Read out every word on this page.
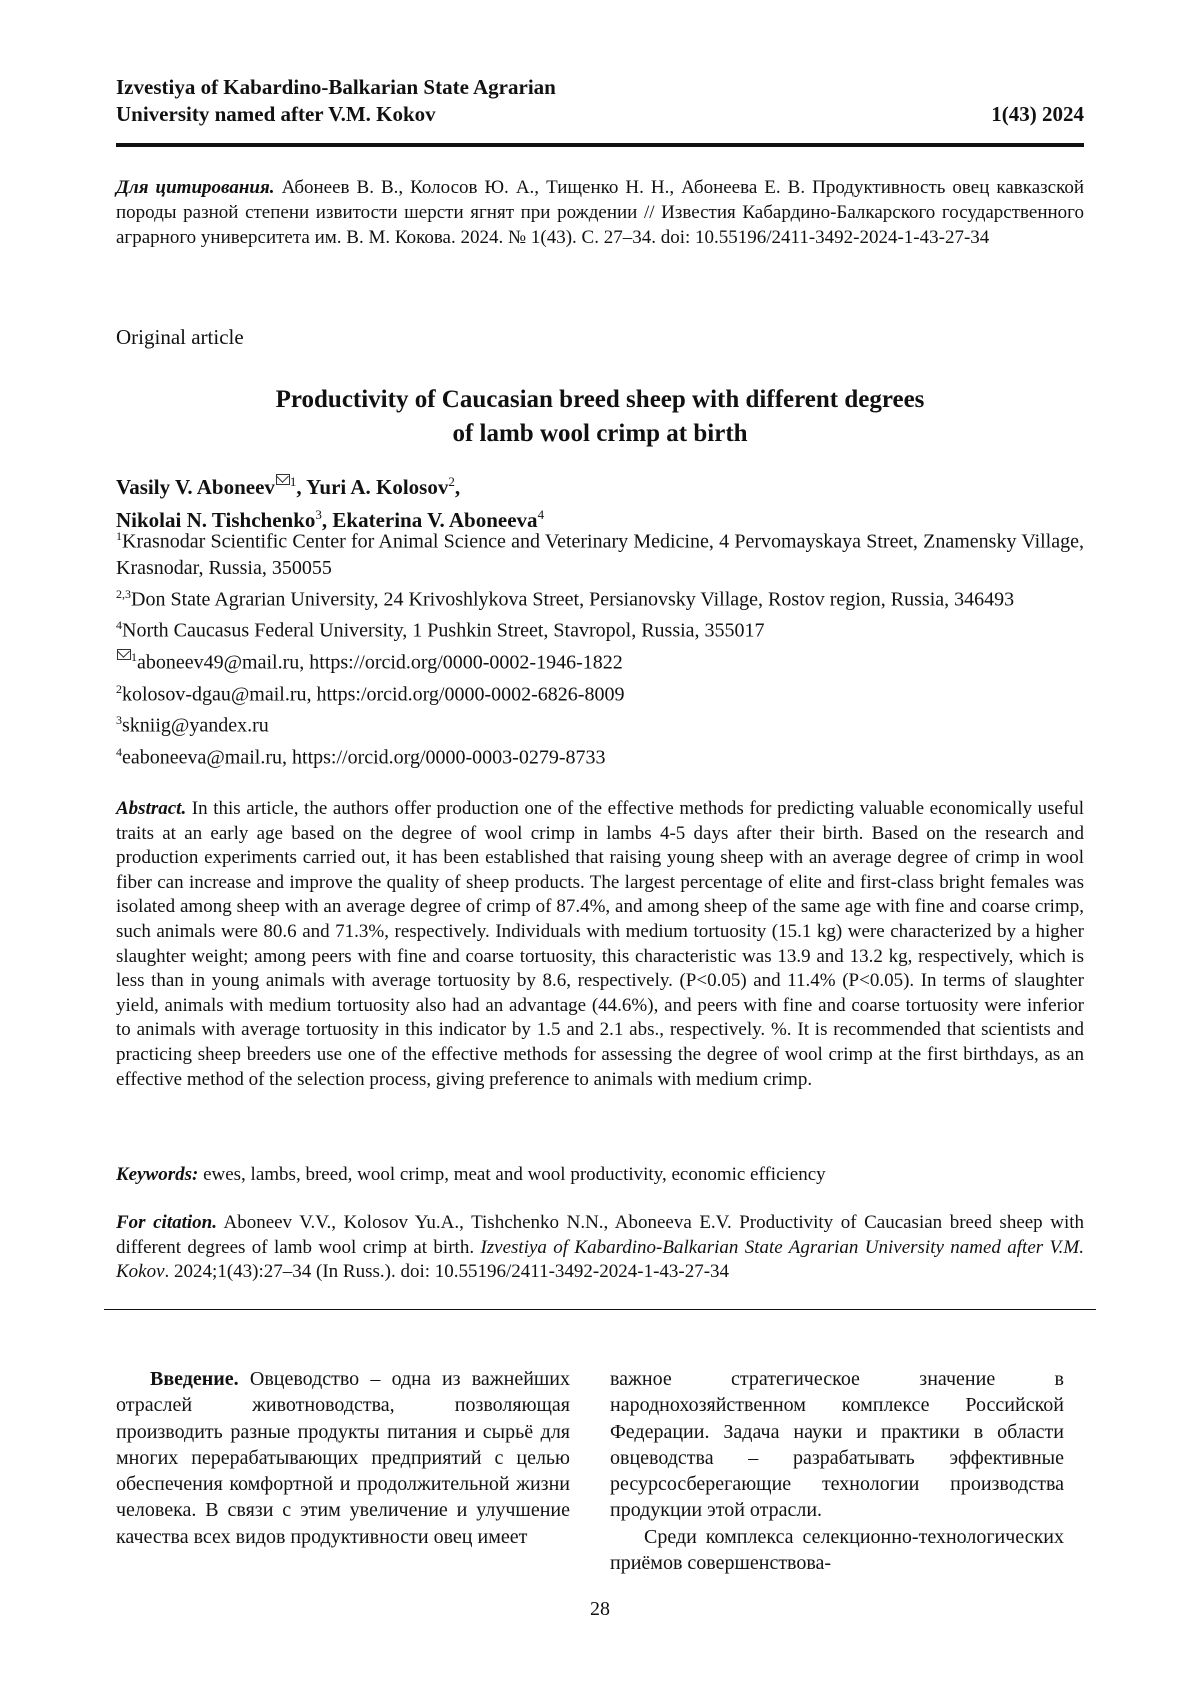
Izvestiya of Kabardino-Balkarian State Agrarian
University named after V.M. Kokov	1(43) 2024
Для цитирования. Абонеев В. В., Колосов Ю. А., Тищенко Н. Н., Абонеева Е. В. Продуктивность овец кавказской породы разной степени извитости шерсти ягнят при рождении // Известия Кабардино-Балкарского государственного аграрного университета им. В. М. Кокова. 2024. № 1(43). С. 27–34. doi: 10.55196/2411-3492-2024-1-43-27-34
Original article
Productivity of Caucasian breed sheep with different degrees
of lamb wool crimp at birth
Vasily V. Aboneev $^1$, Yuri A. Kolosov$^2$,
Nikolai N. Tishchenko$^3$, Ekaterina V. Aboneeva$^4$

$^1$Krasnodar Scientific Center for Animal Science and Veterinary Medicine, 4 Pervomayskaya Street, Znamensky Village, Krasnodar, Russia, 350055

$^{2,3}$Don State Agrarian University, 24 Krivoshlykova Street, Persianovsky Village, Rostov region, Russia, 346493

$^4$North Caucasus Federal University, 1 Pushkin Street, Stavropol, Russia, 355017

$^1$aboneev49@mail.ru, https://orcid.org/0000-0002-1946-1822

$^2$kolosov-dgau@mail.ru, https:/orcid.org/0000-0002-6826-8009

$^3$skniig@yandex.ru

$^4$eaboneeva@mail.ru, https://orcid.org/0000-0003-0279-8733

Abstract. In this article, the authors offer production one of the effective methods for predicting valuable economically useful traits at an early age based on the degree of wool crimp in lambs 4-5 days after their birth. Based on the research and production experiments carried out, it has been established that raising young sheep with an average degree of crimp in wool fiber can increase and improve the quality of sheep products. The largest percentage of elite and first-class bright females was isolated among sheep with an average degree of crimp of 87.4%, and among sheep of the same age with fine and coarse crimp, such animals were 80.6 and 71.3%, respectively. Individuals with medium tortuosity (15.1 kg) were characterized by a higher slaughter weight; among peers with fine and coarse tortuosity, this characteristic was 13.9 and 13.2 kg, respectively, which is less than in young animals with average tortuosity by 8.6, respectively. (P<0.05) and 11.4% (P<0.05). In terms of slaughter yield, animals with medium tortuosity also had an advantage (44.6%), and peers with fine and coarse tortuosity were inferior to animals with average tortuosity in this indicator by 1.5 and 2.1 abs., respectively. %. It is recommended that scientists and practicing sheep breeders use one of the effective methods for assessing the degree of wool crimp at the first birthdays, as an effective method of the selection process, giving preference to animals with medium crimp.
Keywords: ewes, lambs, breed, wool crimp, meat and wool productivity, economic efficiency
For citation. Aboneev V.V., Kolosov Yu.A., Tishchenko N.N., Aboneeva E.V. Productivity of Caucasian breed sheep with different degrees of lamb wool crimp at birth. Izvestiya of Kabardino-Balkarian State Agrarian University named after V.M. Kokov. 2024;1(43):27–34 (In Russ.). doi: 10.55196/2411-3492-2024-1-43-27-34
Введение. Овцеводство – одна из важнейших отраслей животноводства, позволяющая производить разные продукты питания и сырьё для многих перерабатывающих предприятий с целью обеспечения комфортной и продолжительной жизни человека. В связи с этим увеличение и улучшение качества всех видов продуктивности овец имеет

важное стратегическое значение в народнохозяйственном комплексе Российской Федерации. Задача науки и практики в области овцеводства – разрабатывать эффективные ресурсосберегающие технологии производства продукции этой отрасли.

Среди комплекса селекционно-технологических приёмов совершенствова-

28
